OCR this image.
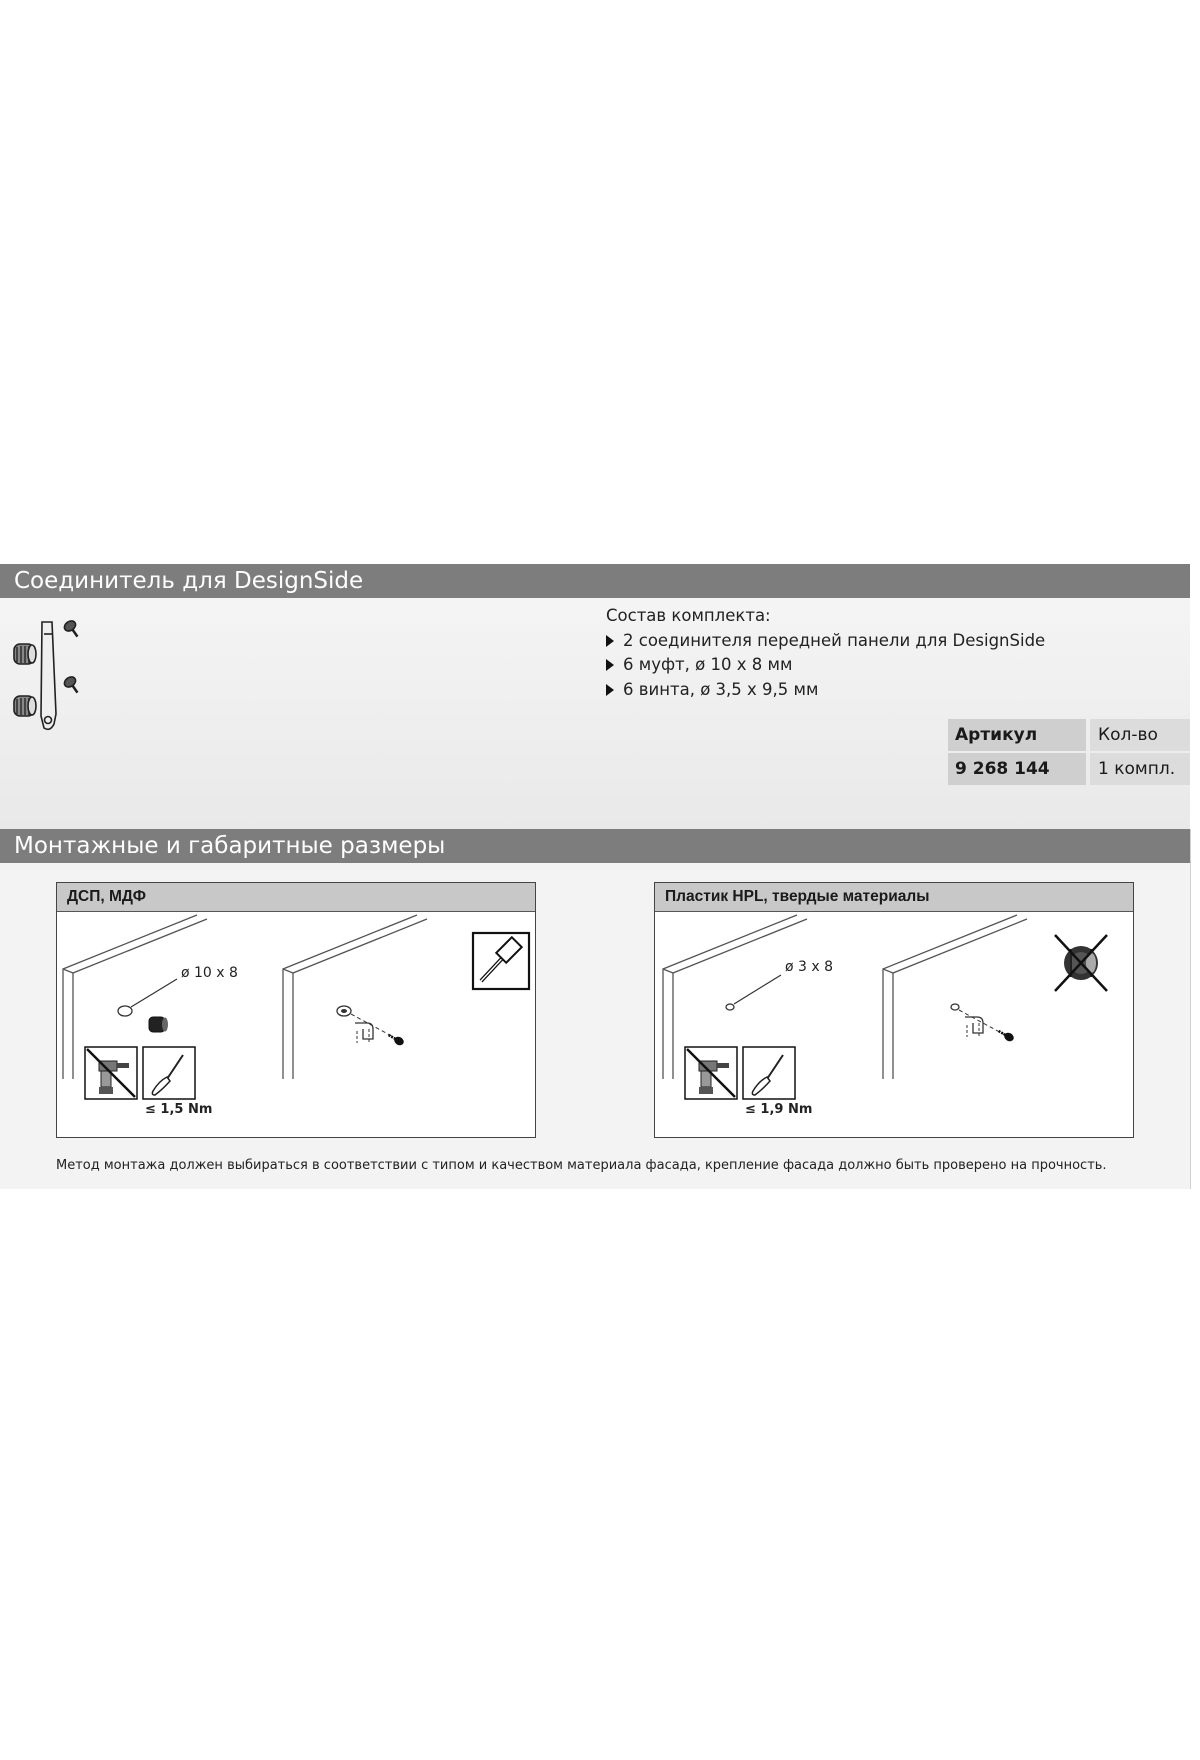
Соединитель для DesignSide
Состав комплекта:
2 соединителя передней панели для DesignSide
6 муфт, ø 10 x 8 мм
6 винта, ø 3,5 x 9,5 мм
Артикул	Кол-во
9 268 144	1 компл.
Монтажные и габаритные размеры
ДСП, МДФ
ø 10 x 8
≤ 1,5 Nm
Пластик HPL, твердые материалы
ø 3 x 8
≤ 1,9 Nm
Метод монтажа должен выбираться в соответствии с типом и качеством материала фасада, крепление фасада должно быть проверено на прочность.
